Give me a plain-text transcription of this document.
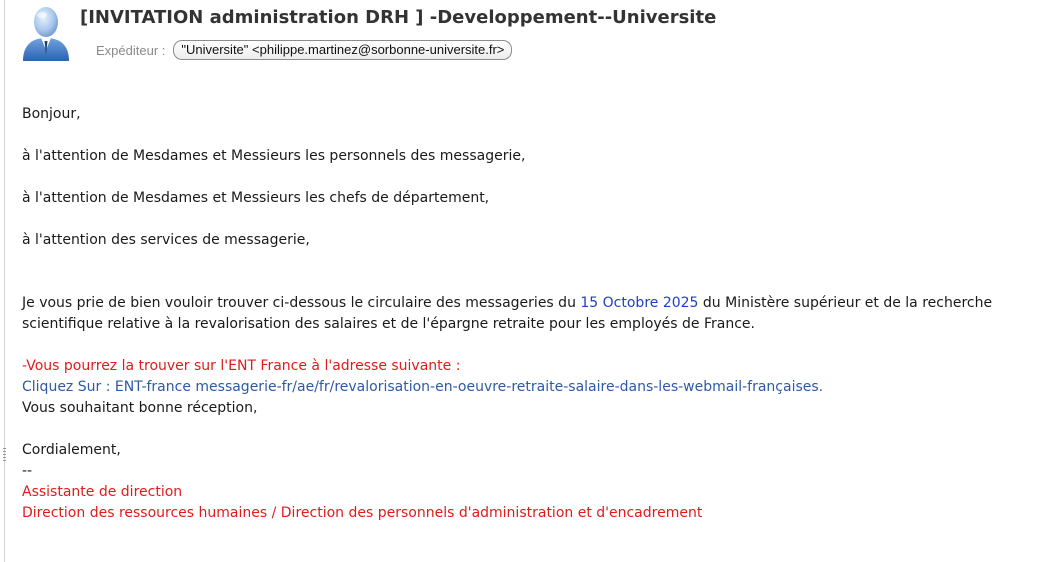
[INVITATION administration DRH ] -Developpement--Universite
Expéditeur :	"Universite" <philippe.martinez@sorbonne-universite.fr>

Bonjour,

à l'attention de Mesdames et Messieurs les personnels des messagerie,

à l'attention de Mesdames et Messieurs les chefs de département,

à l'attention des services de messagerie,

Je vous prie de bien vouloir trouver ci-dessous le circulaire des messageries du 15 Octobre 2025 du Ministère supérieur et de la recherche
scientifique relative à la revalorisation des salaires et de l'épargne retraite pour les employés de France.

-Vous pourrez la trouver sur l'ENT France à l'adresse suivante :

Cliquez Sur : ENT-france messagerie-fr/ae/fr/revalorisation-en-oeuvre-retraite-salaire-dans-les-webmail-françaises.

Vous souhaitant bonne réception,

Cordialement,

--

Assistante de direction

Direction des ressources humaines / Direction des personnels d'administration et d'encadrement
